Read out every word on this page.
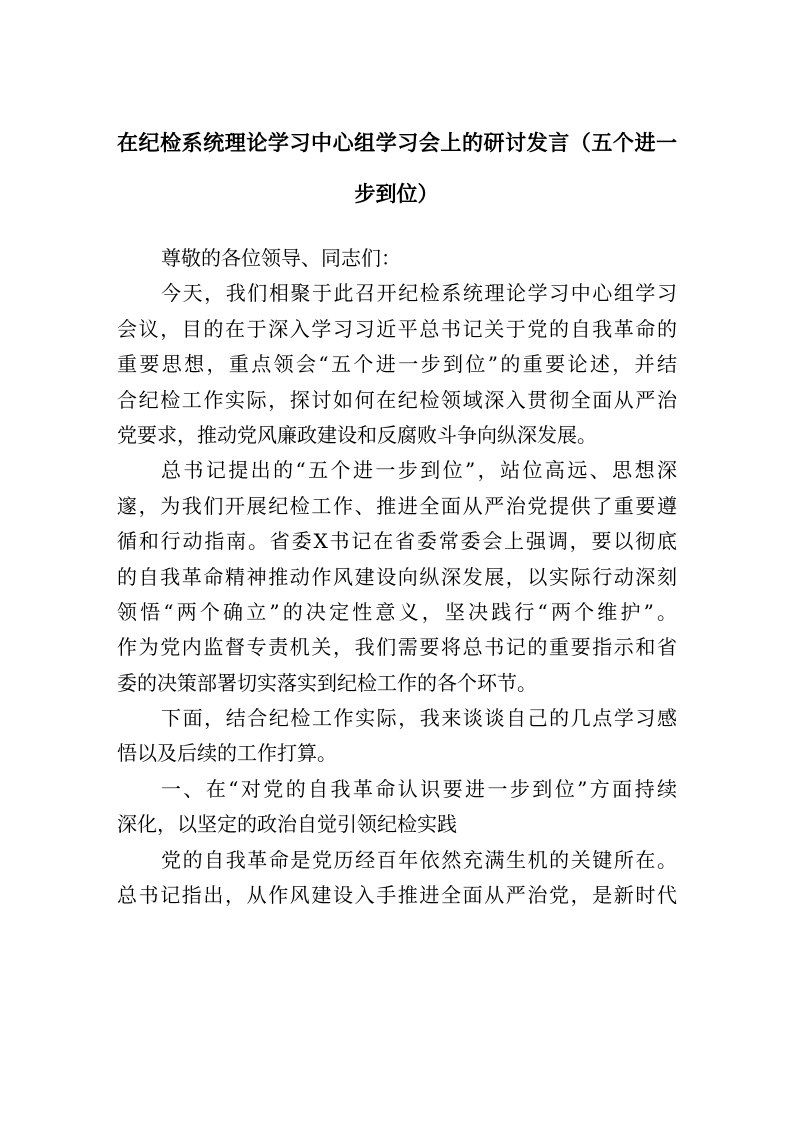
在纪检系统理论学习中心组学习会上的研讨发言（五个进一
步到位）
尊敬的各位领导、同志们：
今天，我们相聚于此召开纪检系统理论学习中心组学习
会议，目的在于深入学习习近平总书记关于党的自我革命的
重要思想，重点领会“五个进一步到位”的重要论述，并结
合纪检工作实际，探讨如何在纪检领域深入贯彻全面从严治
党要求，推动党风廉政建设和反腐败斗争向纵深发展。
总书记提出的“五个进一步到位”，站位高远、思想深
邃，为我们开展纪检工作、推进全面从严治党提供了重要遵
循和行动指南。省委X书记在省委常委会上强调，要以彻底
的自我革命精神推动作风建设向纵深发展，以实际行动深刻
领悟“两个确立”的决定性意义，坚决践行“两个维护”。
作为党内监督专责机关，我们需要将总书记的重要指示和省
委的决策部署切实落实到纪检工作的各个环节。
下面，结合纪检工作实际，我来谈谈自己的几点学习感
悟以及后续的工作打算。
一、在“对党的自我革命认识要进一步到位”方面持续
深化，以坚定的政治自觉引领纪检实践
党的自我革命是党历经百年依然充满生机的关键所在。
总书记指出，从作风建设入手推进全面从严治党，是新时代
